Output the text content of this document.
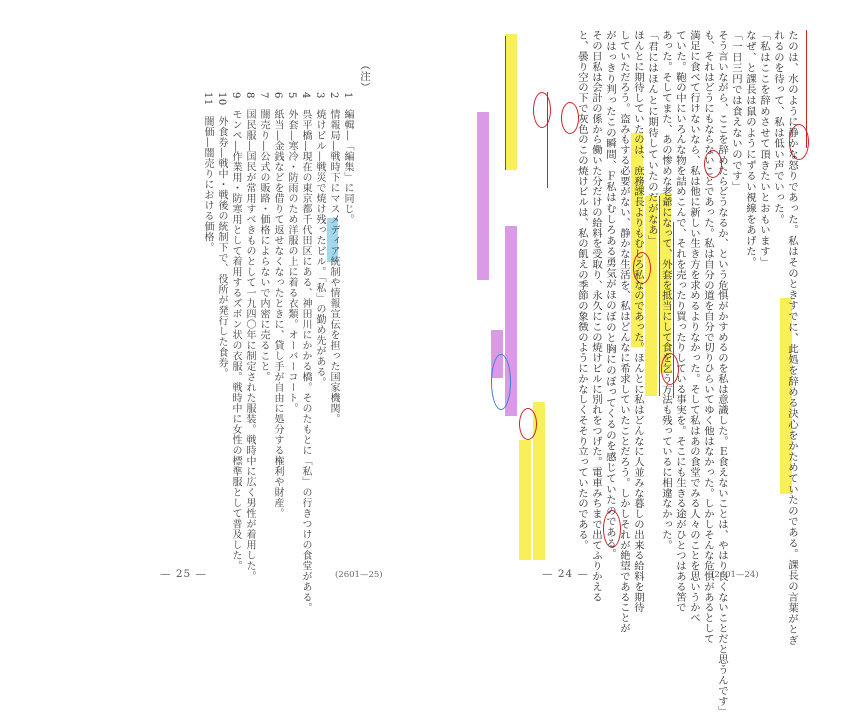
（注）
1　編輯―「編集」に同じ。
2　情報局―戦時下にマスメディア統制や情報宣伝を担った国家機関。
3　焼けビル―戦災で焼け残ったビル。「私」の勤め先がある。
4　呉平橋―現在の東京都千代田区にある、神田川にかかる橋。そのたもとに「私」の行きつけの食堂がある。
5　外套―寒冷・防雨のため洋服の上に着る衣類。オーバーコート。
6　紙当―金銭などを借りて返せなくなったときに、貸し手が自由に処分する権利や財産。
7　闇売り―公式の販路・価格によらないで内密に売ること。
8　国民服―国民が常用すべきものとして一九四〇年に制定された服装。戦時中に広く男性が着用した。
9　モンペ―作業用・防寒用として着用するズボン状の衣服。戦時中に女性の標準服として普及した。
10　外食券―戦中・戦後の統制下で、役所が発行した食券。
11　闇価―闇売りにおける価格。
— 25 —	(2601—25)	たのは、水のように静かな怒りであった。私はそのときすでに、此処を辞める決心をかためていたのである。課長の言葉がとぎ
れるのを待って、私は低い声でいった。
「私はここを辞めさせて頂きたいとおもいます」
なぜ、と課長は鼠のようにずるい視線をあげた。
「一日三円では食えないのです」
そう言いながら、ここを辞めたらどうなるか、という危惧がかすめるのを私は意識した。Ｅ食えないことは、やはり良くないことだと思うんです」
も、それはどうにもならないことであった。私は自分の道を自分で切りひらいてゆく他はなかった。しかしそんな危惧があるとして
満足に食べて行けないなら、私は他に新しい生き方を求めるよりなかった。そして私はあの食堂でみる人々のことを思いうかべ
ていた。鞄の中にいろんな物を詰めこんで、それを売ったり買ったりしている事実を。そこにも生きる途がひとつはある筈で
あった。そしてまた、あの惨めな老爺になって、外套を抵当にして食を乞う方法も残っているに相違なかった。
「君にはほんとに期待していたのだがなあ」
ほんとに期待していたのは、庶務課長よりもむしろ私なのであった。ほんとに私はどんなに人並みな暮しの出来る給料を期待
していただろう。盗みもする必要がない、静かな生活を、私はどんなに希求していたことだろう。しかしそれが絶望であることが
がはっきり判ったこの瞬間、Ｆ私はむしろある勇気がほのぼのと胸にのぼってくるのを感じていたのである。
その日私は会計の係から働いた分だけの給料を受取り、永久にこの焼けビルに別れをつげた。電車みちまで出てふりかえる
と、曇り空の下で灰色のこの焼けビルは、私の飢えの季節の象徴のようにかなしくそそり立っていたのである。
— 24 —	(2601—24)
